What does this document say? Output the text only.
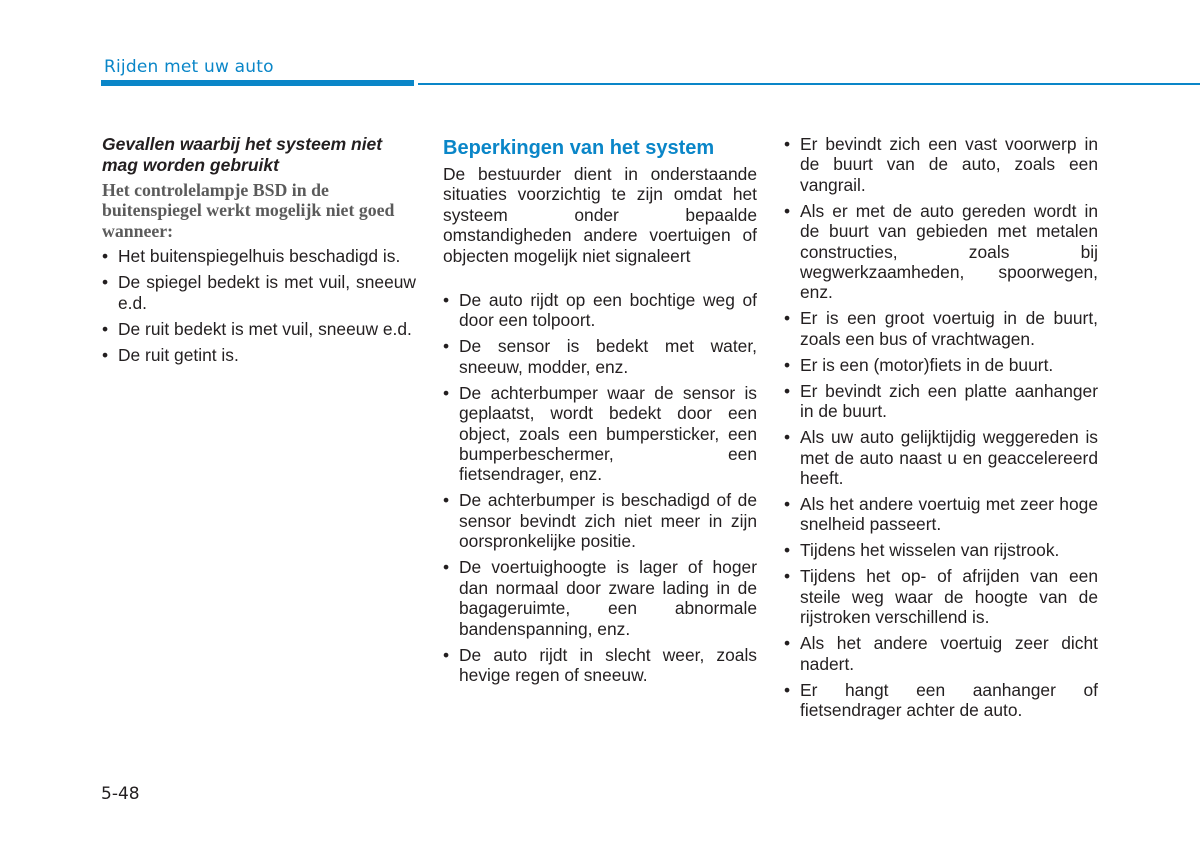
Rijden met uw auto
Gevallen waarbij het systeem niet mag worden gebruikt
Het controlelampje BSD in de buitenspiegel werkt mogelijk niet goed wanneer:
• Het buitenspiegelhuis beschadigd is.
• De spiegel bedekt is met vuil, sneeuw e.d.
• De ruit bedekt is met vuil, sneeuw e.d.
• De ruit getint is.
Beperkingen van het system
De bestuurder dient in onderstaande situaties voorzichtig te zijn omdat het systeem onder bepaalde omstandigheden andere voertuigen of objecten mogelijk niet signaleert
• De auto rijdt op een bochtige weg of door een tolpoort.
• De sensor is bedekt met water, sneeuw, modder, enz.
• De achterbumper waar de sensor is geplaatst, wordt bedekt door een object, zoals een bumpersticker, een bumperbeschermer, een fietsendrager, enz.
• De achterbumper is beschadigd of de sensor bevindt zich niet meer in zijn oorspronkelijke positie.
• De voertuighoogte is lager of hoger dan normaal door zware lading in de bagageruimte, een abnormale bandenspanning, enz.
• De auto rijdt in slecht weer, zoals hevige regen of sneeuw.
• Er bevindt zich een vast voorwerp in de buurt van de auto, zoals een vangrail.
• Als er met de auto gereden wordt in de buurt van gebieden met metalen constructies, zoals bij wegwerkzaamheden, spoorwegen, enz.
• Er is een groot voertuig in de buurt, zoals een bus of vrachtwagen.
• Er is een (motor)fiets in de buurt.
• Er bevindt zich een platte aanhanger in de buurt.
• Als uw auto gelijktijdig weggereden is met de auto naast u en geaccelereerd heeft.
• Als het andere voertuig met zeer hoge snelheid passeert.
• Tijdens het wisselen van rijstrook.
• Tijdens het op- of afrijden van een steile weg waar de hoogte van de rijstroken verschillend is.
• Als het andere voertuig zeer dicht nadert.
• Er hangt een aanhanger of fietsendrager achter de auto.
5-48
